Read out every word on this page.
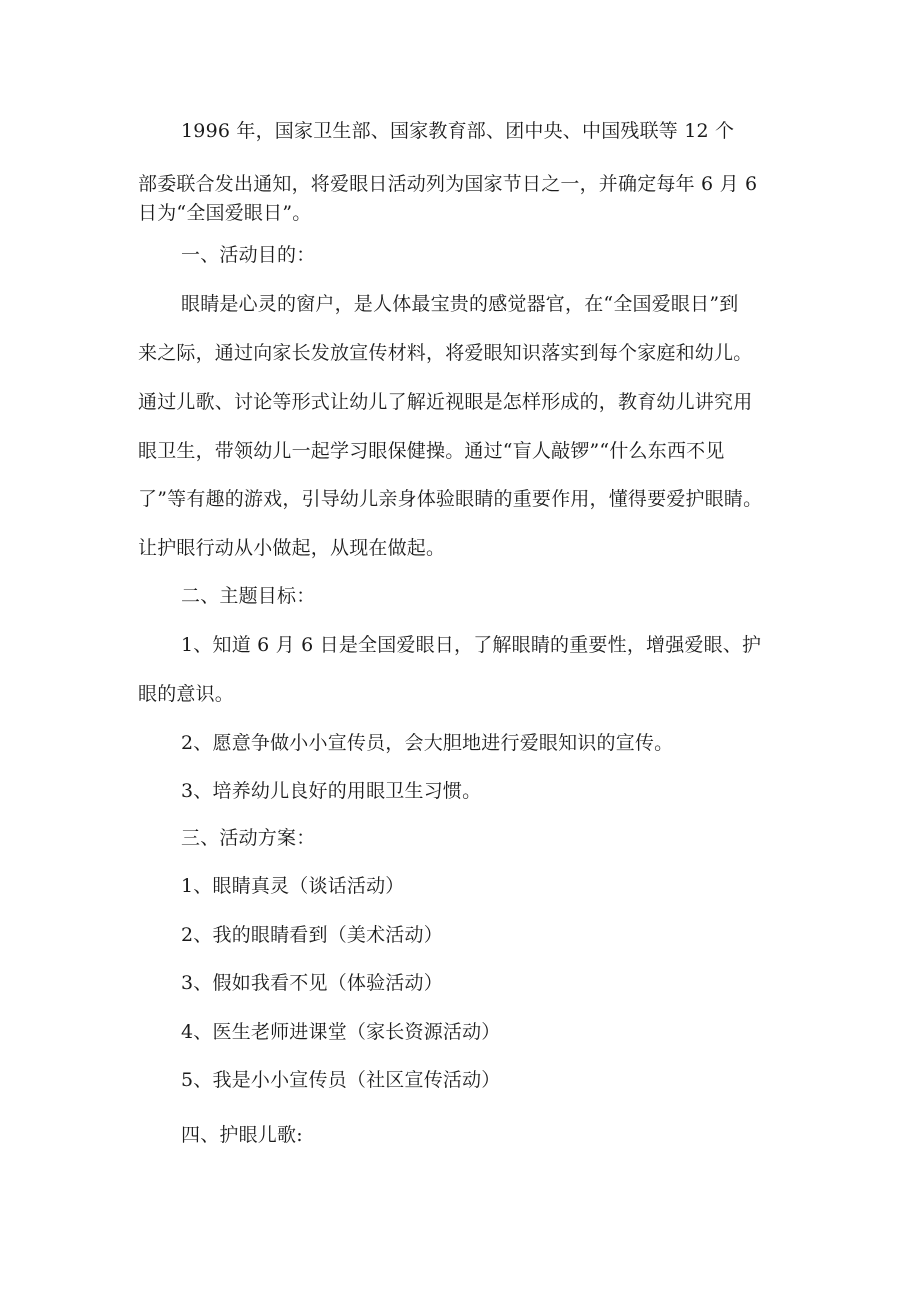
1996 年，国家卫生部、国家教育部、团中央、中国残联等 12 个
部委联合发出通知，将爱眼日活动列为国家节日之一，并确定每年 6 月 6
日为“全国爱眼日”。
一、活动目的：
眼睛是心灵的窗户，是人体最宝贵的感觉器官，在“全国爱眼日”到
来之际，通过向家长发放宣传材料，将爱眼知识落实到每个家庭和幼儿。
通过儿歌、讨论等形式让幼儿了解近视眼是怎样形成的，教育幼儿讲究用
眼卫生，带领幼儿一起学习眼保健操。通过“盲人敲锣”“什么东西不见
了”等有趣的游戏，引导幼儿亲身体验眼睛的重要作用，懂得要爱护眼睛。
让护眼行动从小做起，从现在做起。
二、主题目标：
1、知道 6 月 6 日是全国爱眼日，了解眼睛的重要性，增强爱眼、护
眼的意识。
2、愿意争做小小宣传员，会大胆地进行爱眼知识的宣传。
3、培养幼儿良好的用眼卫生习惯。
三、活动方案：
1、眼睛真灵（谈话活动）
2、我的眼睛看到（美术活动）
3、假如我看不见（体验活动）
4、医生老师进课堂（家长资源活动）
5、我是小小宣传员（社区宣传活动）
四、护眼儿歌:
